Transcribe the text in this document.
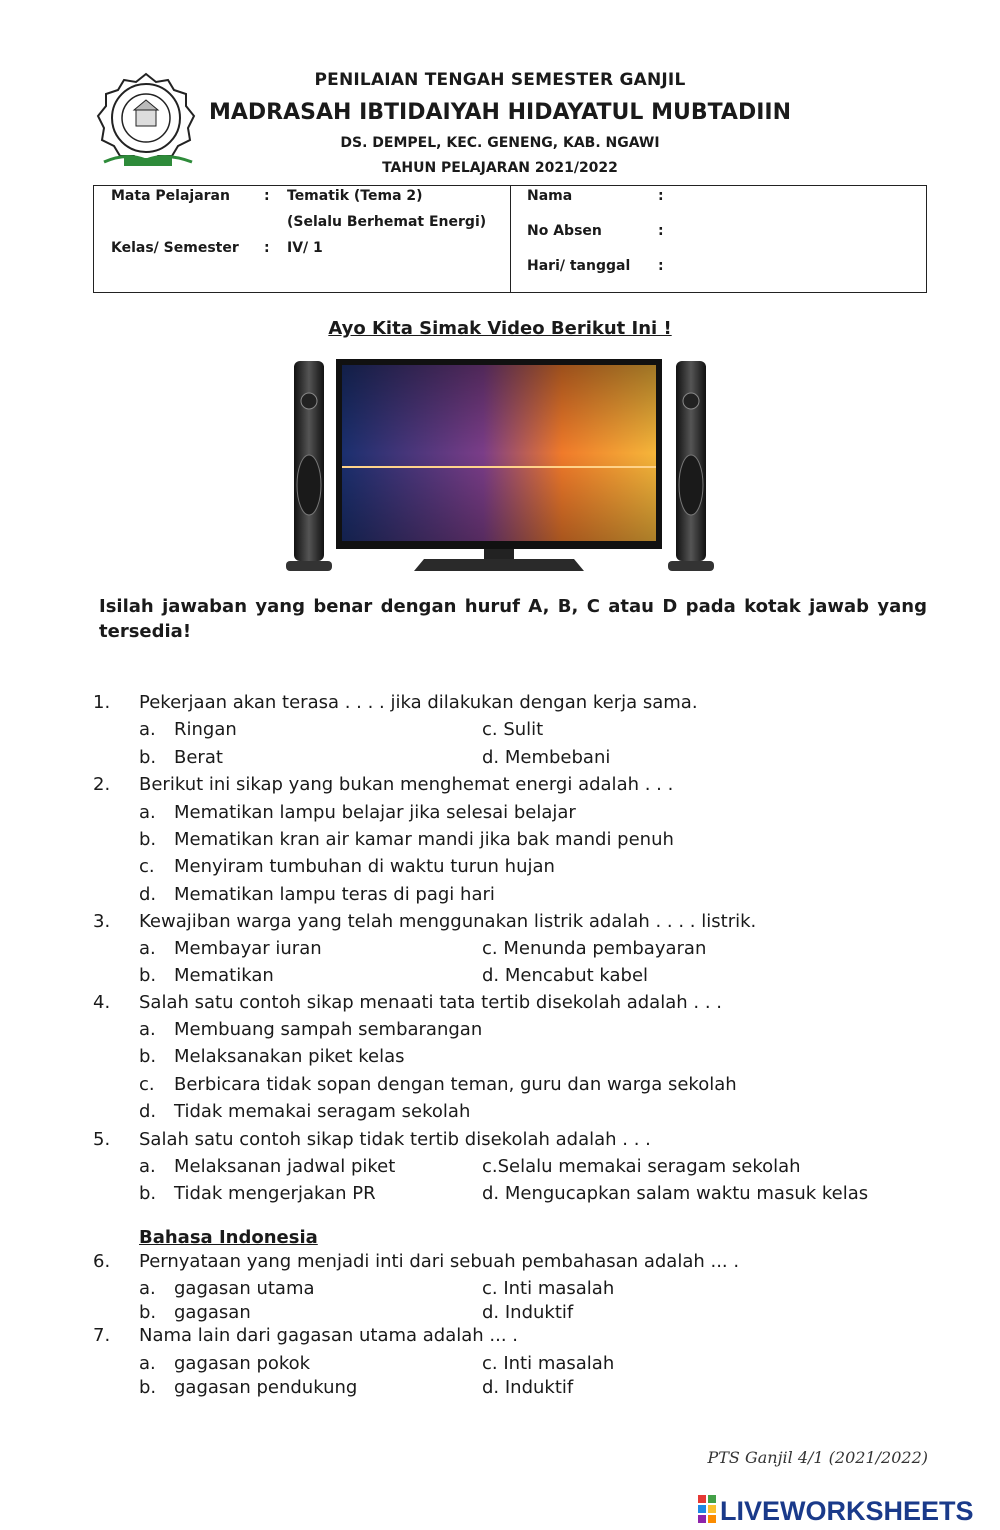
PENILAIAN TENGAH SEMESTER GANJIL
MADRASAH IBTIDAIYAH HIDAYATUL MUBTADIIN
DS. DEMPEL, KEC. GENENG, KAB. NGAWI
TAHUN PELAJARAN 2021/2022
Mata Pelajaran : Tematik (Tema 2)
(Selalu Berhemat Energi)
Kelas/ Semester : IV/ 1
Nama	:
No Absen	:
Hari/ tanggal :
Ayo Kita Simak Video Berikut Ini !
Isilah jawaban yang benar dengan huruf A, B, C atau D pada kotak jawab yang tersedia!
1. Pekerjaan akan terasa . . . . jika dilakukan dengan kerja sama.
a. Ringan	c. Sulit
b. Berat	d. Membebani
2. Berikut ini sikap yang bukan menghemat energi adalah . . .
a. Mematikan lampu belajar jika selesai belajar
b. Mematikan kran air kamar mandi jika bak mandi penuh
c. Menyiram tumbuhan di waktu turun hujan
d. Mematikan lampu teras di pagi hari
3. Kewajiban warga yang telah menggunakan listrik adalah . . . . listrik.
a. Membayar iuran	c. Menunda pembayaran
b. Mematikan	d. Mencabut kabel
4. Salah satu contoh sikap menaati tata tertib disekolah adalah . . .
a. Membuang sampah sembarangan
b. Melaksanakan piket kelas
c. Berbicara tidak sopan dengan teman, guru dan warga sekolah
d. Tidak memakai seragam sekolah
5. Salah satu contoh sikap tidak tertib disekolah adalah . . .
a. Melaksanan jadwal piket	c.Selalu memakai seragam sekolah
b. Tidak mengerjakan PR	d. Mengucapkan salam waktu masuk kelas
Bahasa Indonesia
6. Pernyataan yang menjadi inti dari sebuah pembahasan adalah ... .
a. gagasan utama	c. Inti masalah
b. gagasan	d. Induktif
7. Nama lain dari gagasan utama adalah ... .
a. gagasan pokok	c. Inti masalah
b. gagasan pendukung	d. Induktif
PTS Ganjil 4/1 (2021/2022)
LIVEWORKSHEETS
